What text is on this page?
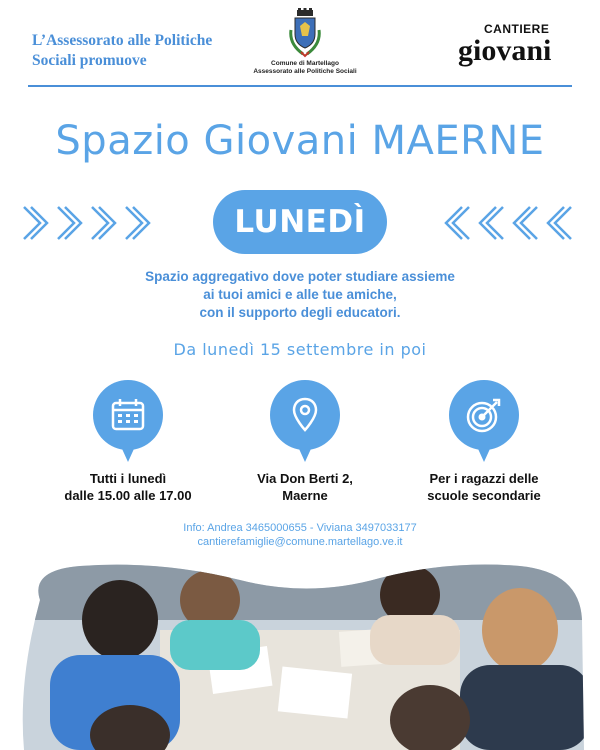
L’Assessorato alle Politiche
Sociali promuove	Comune di Martellago
Assessorato alle Politiche Sociali
CANTIERE
giovani
Spazio Giovani MAERNE
LUNEDÌ
Spazio aggregativo dove poter studiare assieme
ai tuoi amici e alle tue amiche,
con il supporto degli educatori.
Da lunedì 15 settembre in poi
Tutti i lunedì
dalle 15.00 alle 17.00
Via Don Berti 2,
Maerne
Per i ragazzi delle
scuole secondarie
Info: Andrea 3465000655 - Viviana 3497033177
cantierefamiglie@comune.martellago.ve.it
